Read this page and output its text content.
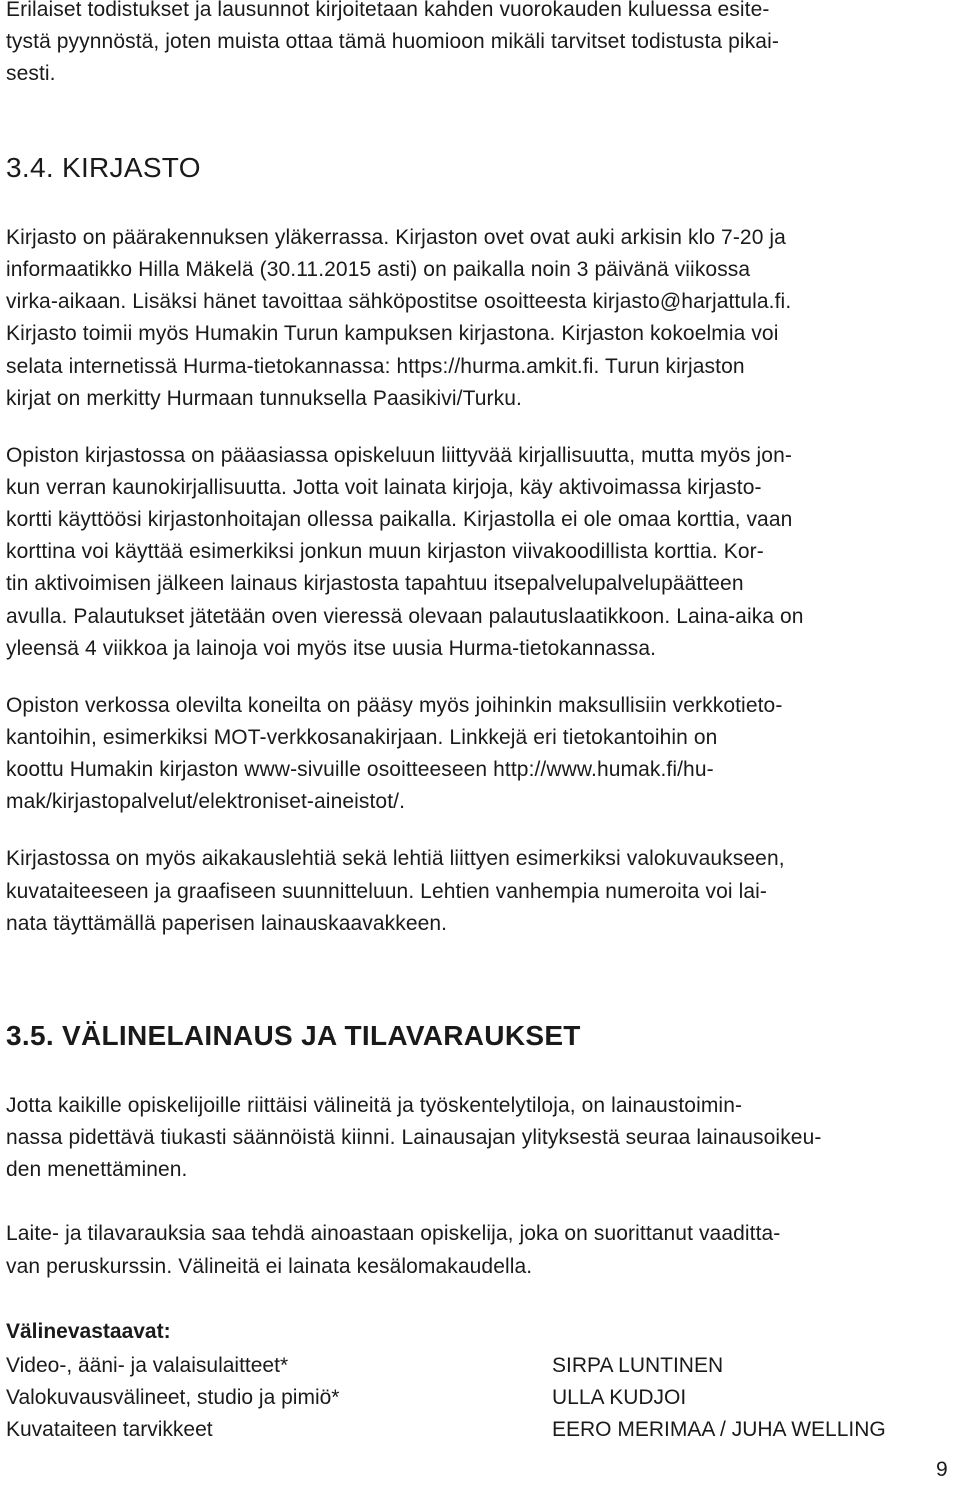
Erilaiset todistukset ja lausunnot kirjoitetaan kahden vuorokauden kuluessa esite-
tystä pyynnöstä, joten muista ottaa tämä huomioon mikäli tarvitset todistusta pikai-
sesti.
3.4. KIRJASTO
Kirjasto on päärakennuksen yläkerrassa. Kirjaston ovet ovat auki arkisin klo 7-20 ja
informaatikko Hilla Mäkelä (30.11.2015 asti) on paikalla noin 3 päivänä viikossa
virka-aikaan. Lisäksi hänet tavoittaa sähköpostitse osoitteesta kirjasto@harjattula.fi.
Kirjasto toimii myös Humakin Turun kampuksen kirjastona. Kirjaston kokoelmia voi
selata internetissä Hurma-tietokannassa: https://hurma.amkit.fi. Turun kirjaston
kirjat on merkitty Hurmaan tunnuksella Paasikivi/Turku.
Opiston kirjastossa on pääasiassa opiskeluun liittyvää kirjallisuutta, mutta myös jon-
kun verran kaunokirjallisuutta. Jotta voit lainata kirjoja, käy aktivoimassa kirjasto-
kortti käyttöösi kirjastonhoitajan ollessa paikalla. Kirjastolla ei ole omaa korttia, vaan
korttina voi käyttää esimerkiksi jonkun muun kirjaston viivakoodillista korttia. Kor-
tin aktivoimisen jälkeen lainaus kirjastosta tapahtuu itsepalvelupalvelupäätteen
avulla. Palautukset jätetään oven vieressä olevaan palautuslaatikkoon. Laina-aika on
yleensä 4 viikkoa ja lainoja voi myös itse uusia Hurma-tietokannassa.
Opiston verkossa olevilta koneilta on pääsy myös joihinkin maksullisiin verkkotieto-
kantoihin, esimerkiksi MOT-verkkosanakirjaan. Linkkejä eri tietokantoihin on
koottu Humakin kirjaston www-sivuille osoitteeseen http://www.humak.fi/hu-
mak/kirjastopalvelut/elektroniset-aineistot/.
Kirjastossa on myös aikakauslehtiä sekä lehtiä liittyen esimerkiksi valokuvaukseen,
kuvataiteeseen ja graafiseen suunnitteluun. Lehtien vanhempia numeroita voi lai-
nata täyttämällä paperisen lainauskaavakkeen.
3.5. VÄLINELAINAUS JA TILAVARAUKSET
Jotta kaikille opiskelijoille riittäisi välineitä ja työskentelytiloja, on lainaustoimin-
nassa pidettävä tiukasti säännöistä kiinni. Lainausajan ylityksestä seuraa lainausoikeu-
den menettäminen.
Laite- ja tilavarauksia saa tehdä ainoastaan opiskelija, joka on suorittanut vaaditta-
van peruskurssin. Välineitä ei lainata kesälomakaudella.
Välinevastaavat:
Video-, ääni- ja valaisulaitteet*	SIRPA LUNTINEN
Valokuvausvälineet, studio ja pimiö*	ULLA KUDJOI
Kuvataiteen tarvikkeet	EERO MERIMAA / JUHA WELLING
9
